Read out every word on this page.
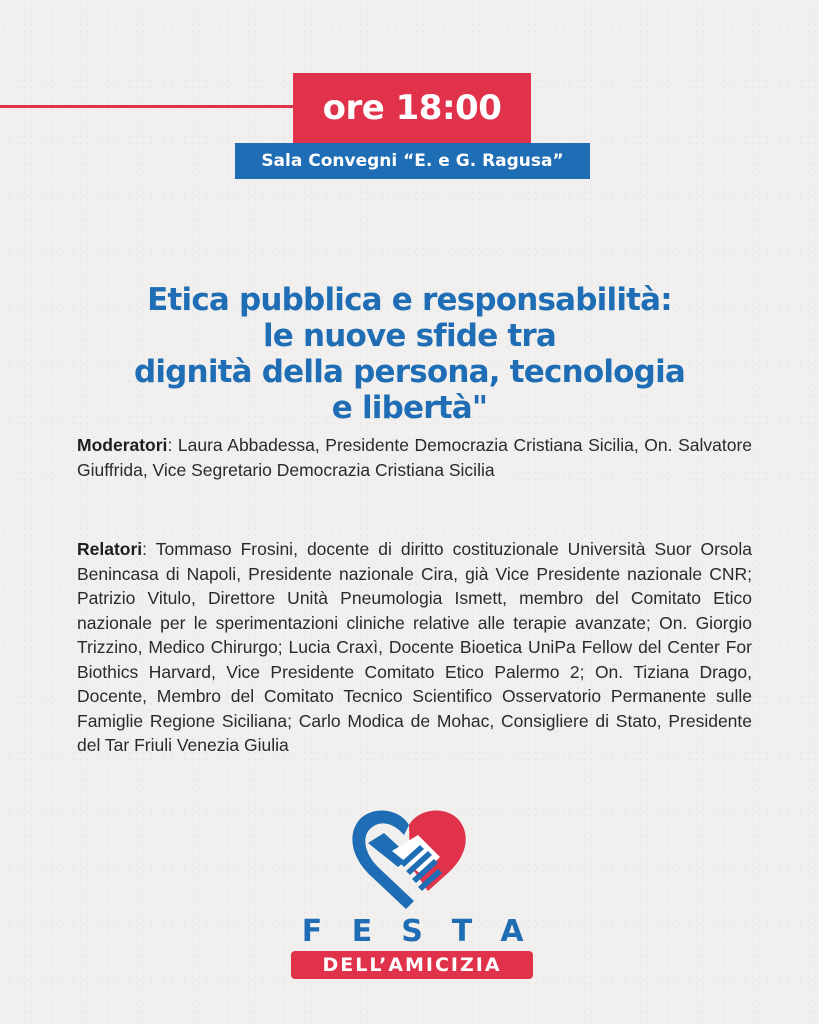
ore 18:00
Sala Convegni “E. e G. Ragusa”
Etica pubblica e responsabilità:
le nuove sfide tra
dignità della persona, tecnologia
e libertà"
Moderatori: Laura Abbadessa, Presidente Democrazia Cristiana Sicilia, On. Salvatore Giuffrida, Vice Segretario Democrazia Cristiana Sicilia
Relatori: Tommaso Frosini, docente di diritto costituzionale Università Suor Orsola Benincasa di Napoli, Presidente nazionale Cira, già Vice Presidente nazionale CNR; Patrizio Vitulo, Direttore Unità Pneumologia Ismett, membro del Comitato Etico nazionale per le sperimentazioni cliniche relative alle terapie avanzate; On. Giorgio Trizzino, Medico Chirurgo; Lucia Craxì, Docente Bioetica UniPa Fellow del Center For Biothics Harvard, Vice Presidente Comitato Etico Palermo 2; On. Tiziana Drago, Docente, Membro del Comitato Tecnico Scientifico Osservatorio Permanente sulle Famiglie Regione Siciliana; Carlo Modica de Mohac, Consigliere di Stato, Presidente del Tar Friuli Venezia Giulia
F E S T A
DELL’AMICIZIA
